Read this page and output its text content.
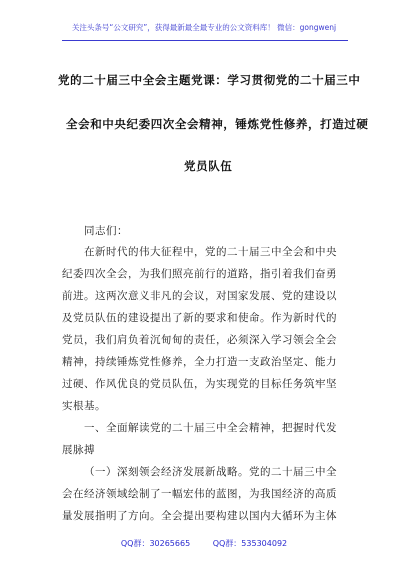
关注头条号“公文研究”，获得最新最全最专业的公文资料库！ 微信：gongwenj
党的二十届三中全会主题党课：学习贯彻党的二十届三中
全会和中央纪委四次全会精神，锤炼党性修养，打造过硬
党员队伍
同志们：
在新时代的伟大征程中，党的二十届三中全会和中央
纪委四次全会，为我们照亮前行的道路，指引着我们奋勇
前进。这两次意义非凡的会议，对国家发展、党的建设以
及党员队伍的建设提出了新的要求和使命。作为新时代的
党员，我们肩负着沉甸甸的责任，必须深入学习领会全会
精神，持续锤炼党性修养，全力打造一支政治坚定、能力
过硬、作风优良的党员队伍，为实现党的目标任务筑牢坚
实根基。
一、全面解读党的二十届三中全会精神，把握时代发
展脉搏
（一）深刻领会经济发展新战略。党的二十届三中全
会在经济领域绘制了一幅宏伟的蓝图，为我国经济的高质
量发展指明了方向。全会提出要构建以国内大循环为主体
QQ群：30265665	QQ群：535304092
